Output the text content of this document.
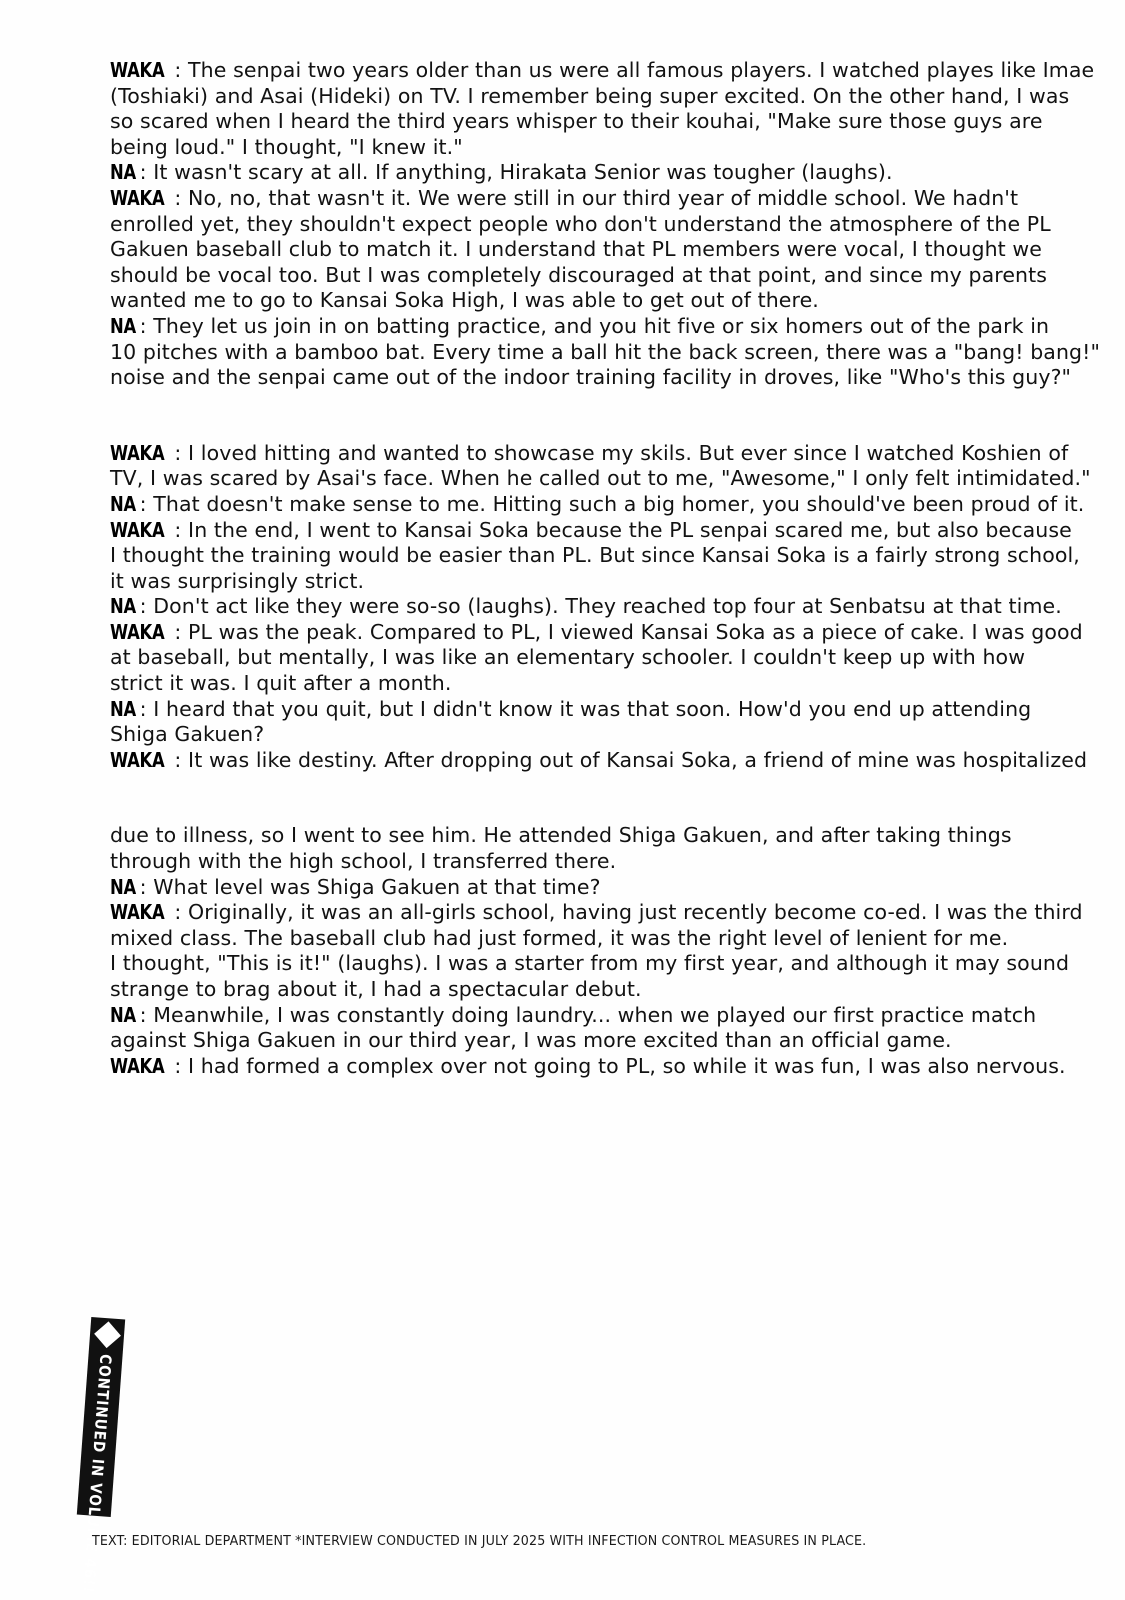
WAKA : The senpai two years older than us were all famous players. I watched playes like Imae
(Toshiaki) and Asai (Hideki) on TV. I remember being super excited. On the other hand, I was
so scared when I heard the third years whisper to their kouhai, "Make sure those guys are
being loud." I thought, "I knew it."
NA : It wasn't scary at all. If anything, Hirakata Senior was tougher (laughs).
WAKA : No, no, that wasn't it. We were still in our third year of middle school. We hadn't
enrolled yet, they shouldn't expect people who don't understand the atmosphere of the PL
Gakuen baseball club to match it. I understand that PL members were vocal, I thought we
should be vocal too. But I was completely discouraged at that point, and since my parents
wanted me to go to Kansai Soka High, I was able to get out of there.
NA : They let us join in on batting practice, and you hit five or six homers out of the park in
10 pitches with a bamboo bat. Every time a ball hit the back screen, there was a "bang! bang!"
noise and the senpai came out of the indoor training facility in droves, like "Who's this guy?"
WAKA : I loved hitting and wanted to showcase my skils. But ever since I watched Koshien of
TV, I was scared by Asai's face. When he called out to me, "Awesome," I only felt intimidated."
NA : That doesn't make sense to me. Hitting such a big homer, you should've been proud of it.
WAKA : In the end, I went to Kansai Soka because the PL senpai scared me, but also because
I thought the training would be easier than PL. But since Kansai Soka is a fairly strong school,
it was surprisingly strict.
NA : Don't act like they were so-so (laughs). They reached top four at Senbatsu at that time.
WAKA : PL was the peak. Compared to PL, I viewed Kansai Soka as a piece of cake. I was good
at baseball, but mentally, I was like an elementary schooler. I couldn't keep up with how
strict it was. I quit after a month.
NA : I heard that you quit, but I didn't know it was that soon. How'd you end up attending
Shiga Gakuen?
WAKA : It was like destiny. After dropping out of Kansai Soka, a friend of mine was hospitalized
due to illness, so I went to see him. He attended Shiga Gakuen, and after taking things
through with the high school, I transferred there.
NA : What level was Shiga Gakuen at that time?
WAKA : Originally, it was an all-girls school, having just recently become co-ed. I was the third
mixed class. The baseball club had just formed, it was the right level of lenient for me.
I thought, "This is it!" (laughs). I was a starter from my first year, and although it may sound
strange to brag about it, I had a spectacular debut.
NA : Meanwhile, I was constantly doing laundry... when we played our first practice match
against Shiga Gakuen in our third year, I was more excited than an official game.
WAKA : I had formed a complex over not going to PL, so while it was fun, I was also nervous.
CONTINUED IN VOLUME 46!!
TEXT: EDITORIAL DEPARTMENT *INTERVIEW CONDUCTED IN JULY 2025 WITH INFECTION CONTROL MEASURES IN PLACE.
